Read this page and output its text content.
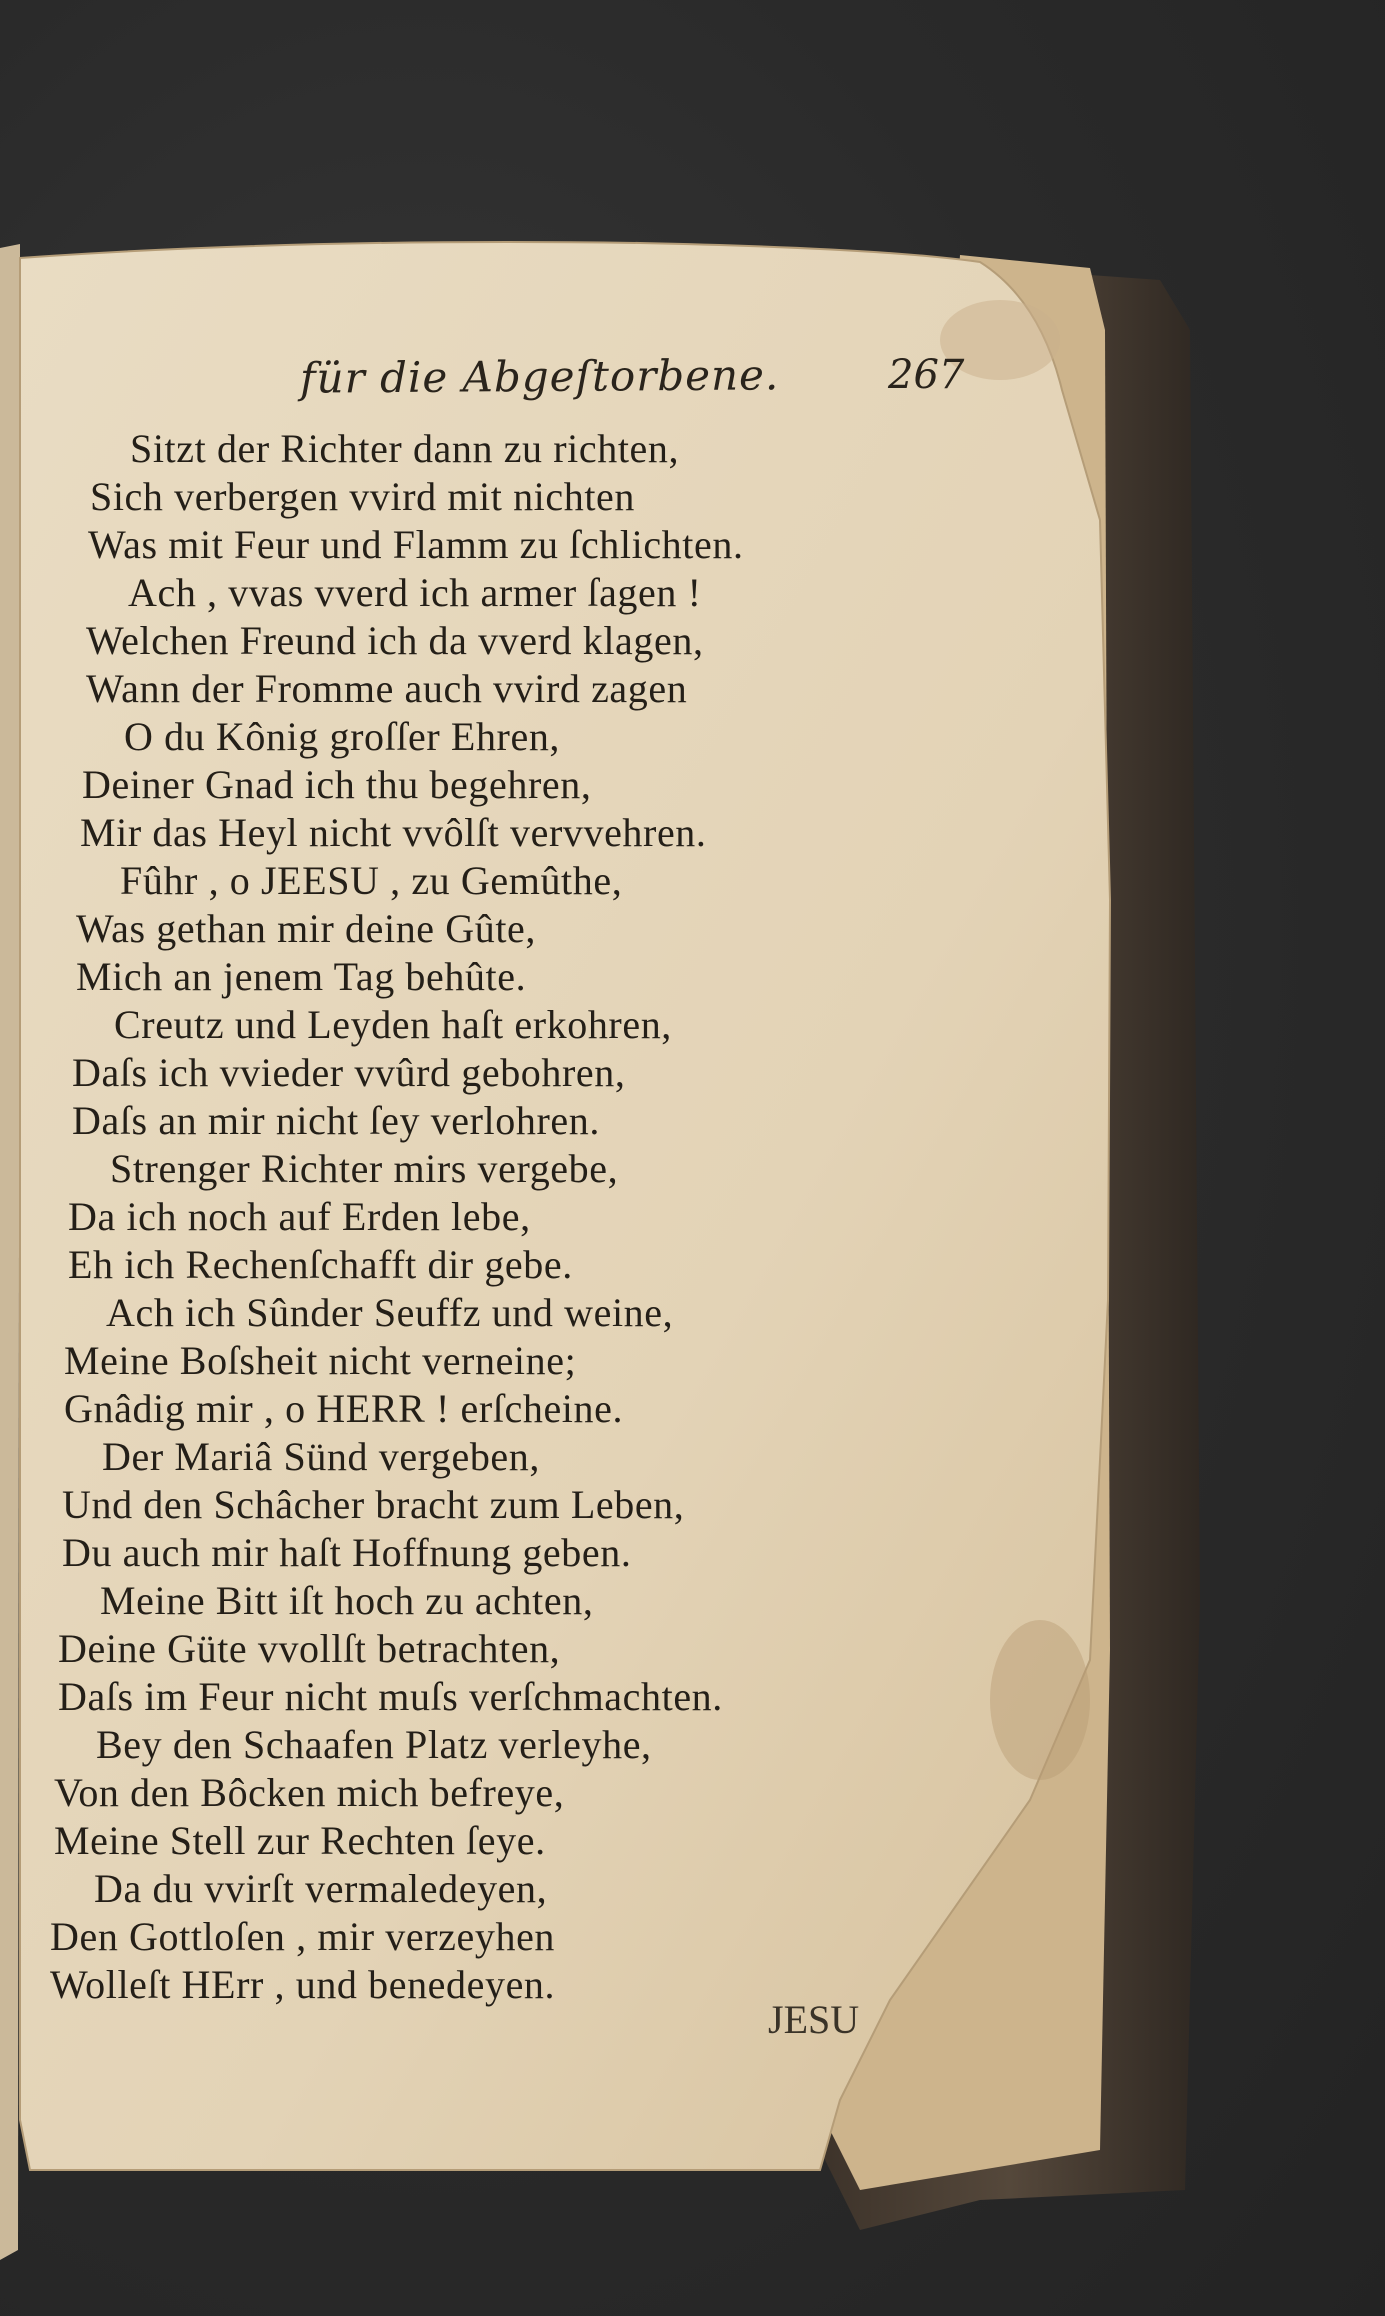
für die Abgeſtorbene.	267
Sitzt der Richter dann zu richten,
Sich verbergen vvird mit nichten
Was mit Feur und Flamm zu ſchlichten.
Ach , vvas vverd ich armer ſagen !
Welchen Freund ich da vverd klagen,
Wann der Fromme auch vvird zagen
O du Kônig groſſer Ehren,
Deiner Gnad ich thu begehren,
Mir das Heyl nicht vvôlſt vervvehren.
Fûhr , o JEESU , zu Gemûthe,
Was gethan mir deine Gûte,
Mich an jenem Tag behûte.
Creutz und Leyden haſt erkohren,
Daſs ich vvieder vvûrd gebohren,
Daſs an mir nicht ſey verlohren.
Strenger Richter mirs vergebe,
Da ich noch auf Erden lebe,
Eh ich Rechenſchafft dir gebe.
Ach ich Sûnder Seuffz und weine,
Meine Boſsheit nicht verneine;
Gnâdig mir , o HERR ! erſcheine.
Der Mariâ Sünd vergeben,
Und den Schâcher bracht zum Leben,
Du auch mir haſt Hoffnung geben.
Meine Bitt iſt hoch zu achten,
Deine Güte vvollſt betrachten,
Daſs im Feur nicht muſs verſchmachten.
Bey den Schaafen Platz verleyhe,
Von den Bôcken mich befreye,
Meine Stell zur Rechten ſeye.
Da du vvirſt vermaledeyen,
Den Gottloſen , mir verzeyhen
Wolleſt HErr , und benedeyen.
JESU
